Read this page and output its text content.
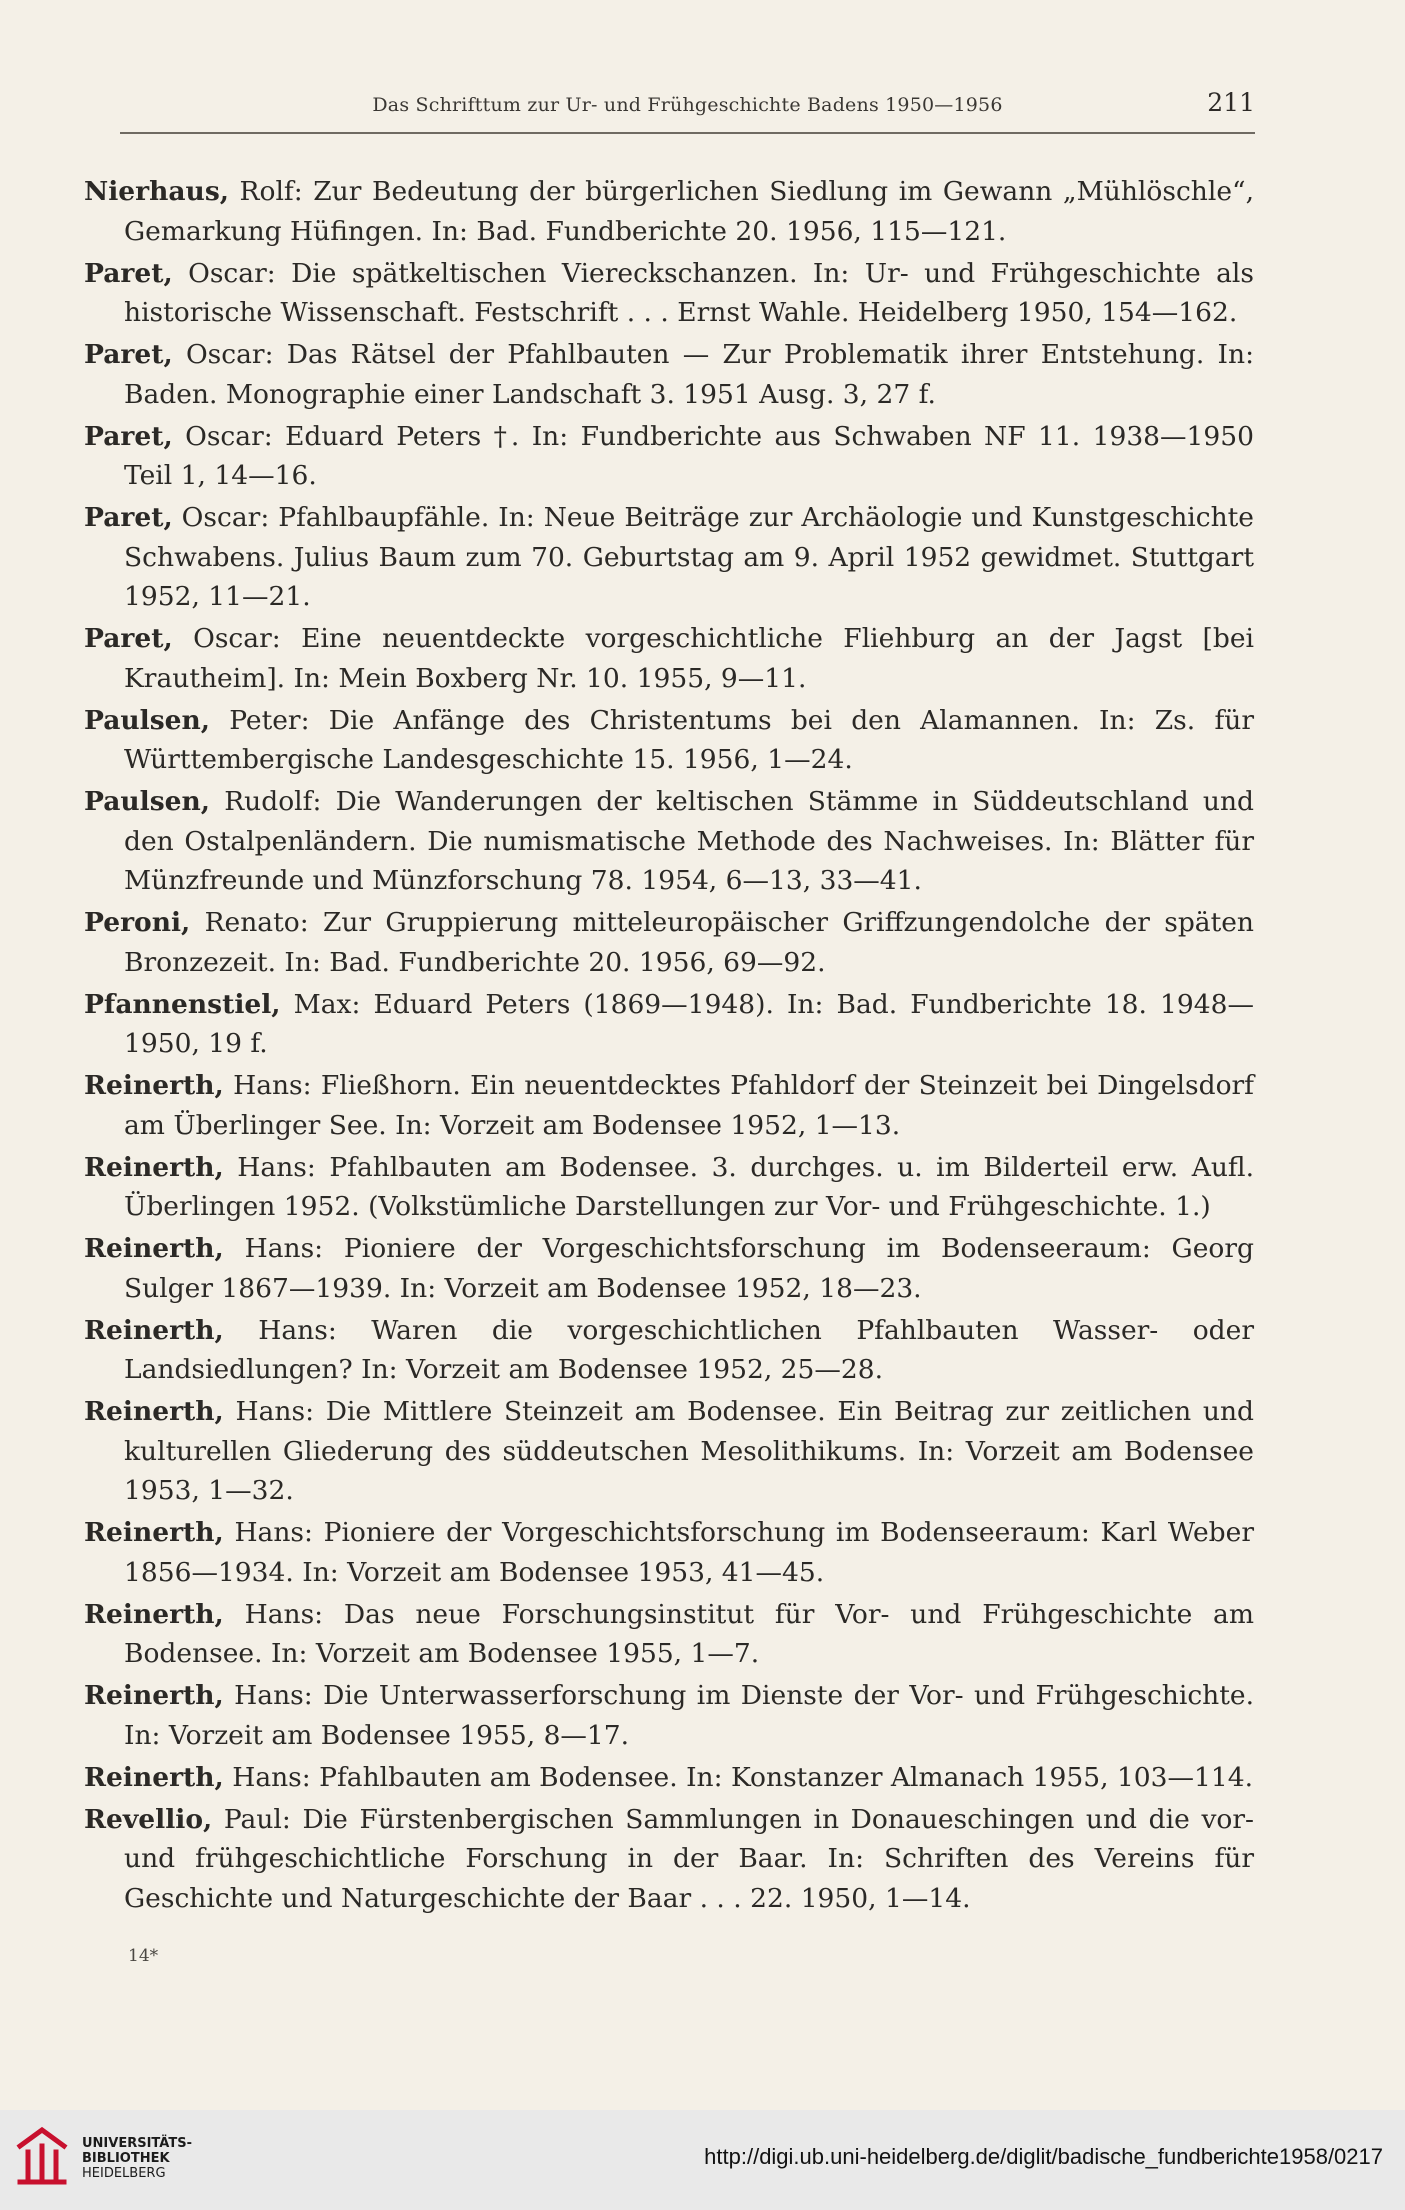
Das Schrifttum zur Ur- und Frühgeschichte Badens 1950—1956	211

Nierhaus, Rolf: Zur Bedeutung der bürgerlichen Siedlung im Gewann „Mühlöschle“, Gemarkung Hüfingen. In: Bad. Fundberichte 20. 1956, 115—121.

Paret, Oscar: Die spätkeltischen Viereckschanzen. In: Ur- und Frühgeschichte als historische Wissenschaft. Festschrift . . . Ernst Wahle. Heidelberg 1950, 154—162.

Paret, Oscar: Das Rätsel der Pfahlbauten — Zur Problematik ihrer Entstehung. In: Baden. Monographie einer Landschaft 3. 1951 Ausg. 3, 27 f.

Paret, Oscar: Eduard Peters †. In: Fundberichte aus Schwaben NF 11. 1938—1950 Teil 1, 14—16.

Paret, Oscar: Pfahlbaupfähle. In: Neue Beiträge zur Archäologie und Kunstgeschichte Schwabens. Julius Baum zum 70. Geburtstag am 9. April 1952 gewidmet. Stuttgart 1952, 11—21.

Paret, Oscar: Eine neuentdeckte vorgeschichtliche Fliehburg an der Jagst [bei Krautheim]. In: Mein Boxberg Nr. 10. 1955, 9—11.

Paulsen, Peter: Die Anfänge des Christentums bei den Alamannen. In: Zs. für Württembergische Landesgeschichte 15. 1956, 1—24.

Paulsen, Rudolf: Die Wanderungen der keltischen Stämme in Süddeutschland und den Ostalpenländern. Die numismatische Methode des Nachweises. In: Blätter für Münzfreunde und Münzforschung 78. 1954, 6—13, 33—41.

Peroni, Renato: Zur Gruppierung mitteleuropäischer Griffzungendolche der späten Bronzezeit. In: Bad. Fundberichte 20. 1956, 69—92.

Pfannenstiel, Max: Eduard Peters (1869—1948). In: Bad. Fundberichte 18. 1948—1950, 19 f.

Reinerth, Hans: Fließhorn. Ein neuentdecktes Pfahldorf der Steinzeit bei Dingelsdorf am Überlinger See. In: Vorzeit am Bodensee 1952, 1—13.

Reinerth, Hans: Pfahlbauten am Bodensee. 3. durchges. u. im Bilderteil erw. Aufl. Überlingen 1952. (Volkstümliche Darstellungen zur Vor- und Frühgeschichte. 1.)

Reinerth, Hans: Pioniere der Vorgeschichtsforschung im Bodenseeraum: Georg Sulger 1867—1939. In: Vorzeit am Bodensee 1952, 18—23.

Reinerth, Hans: Waren die vorgeschichtlichen Pfahlbauten Wasser- oder Landsiedlungen? In: Vorzeit am Bodensee 1952, 25—28.

Reinerth, Hans: Die Mittlere Steinzeit am Bodensee. Ein Beitrag zur zeitlichen und kulturellen Gliederung des süddeutschen Mesolithikums. In: Vorzeit am Bodensee 1953, 1—32.

Reinerth, Hans: Pioniere der Vorgeschichtsforschung im Bodenseeraum: Karl Weber 1856—1934. In: Vorzeit am Bodensee 1953, 41—45.

Reinerth, Hans: Das neue Forschungsinstitut für Vor- und Frühgeschichte am Bodensee. In: Vorzeit am Bodensee 1955, 1—7.

Reinerth, Hans: Die Unterwasserforschung im Dienste der Vor- und Frühgeschichte. In: Vorzeit am Bodensee 1955, 8—17.

Reinerth, Hans: Pfahlbauten am Bodensee. In: Konstanzer Almanach 1955, 103—114.

Revellio, Paul: Die Fürstenbergischen Sammlungen in Donaueschingen und die vor- und frühgeschichtliche Forschung in der Baar. In: Schriften des Vereins für Geschichte und Naturgeschichte der Baar . . . 22. 1950, 1—14.

14*
UNIVERSITÄTS-
BIBLIOTHEK
HEIDELBERG
http://digi.ub.uni-heidelberg.de/diglit/badische_fundberichte1958/0217
